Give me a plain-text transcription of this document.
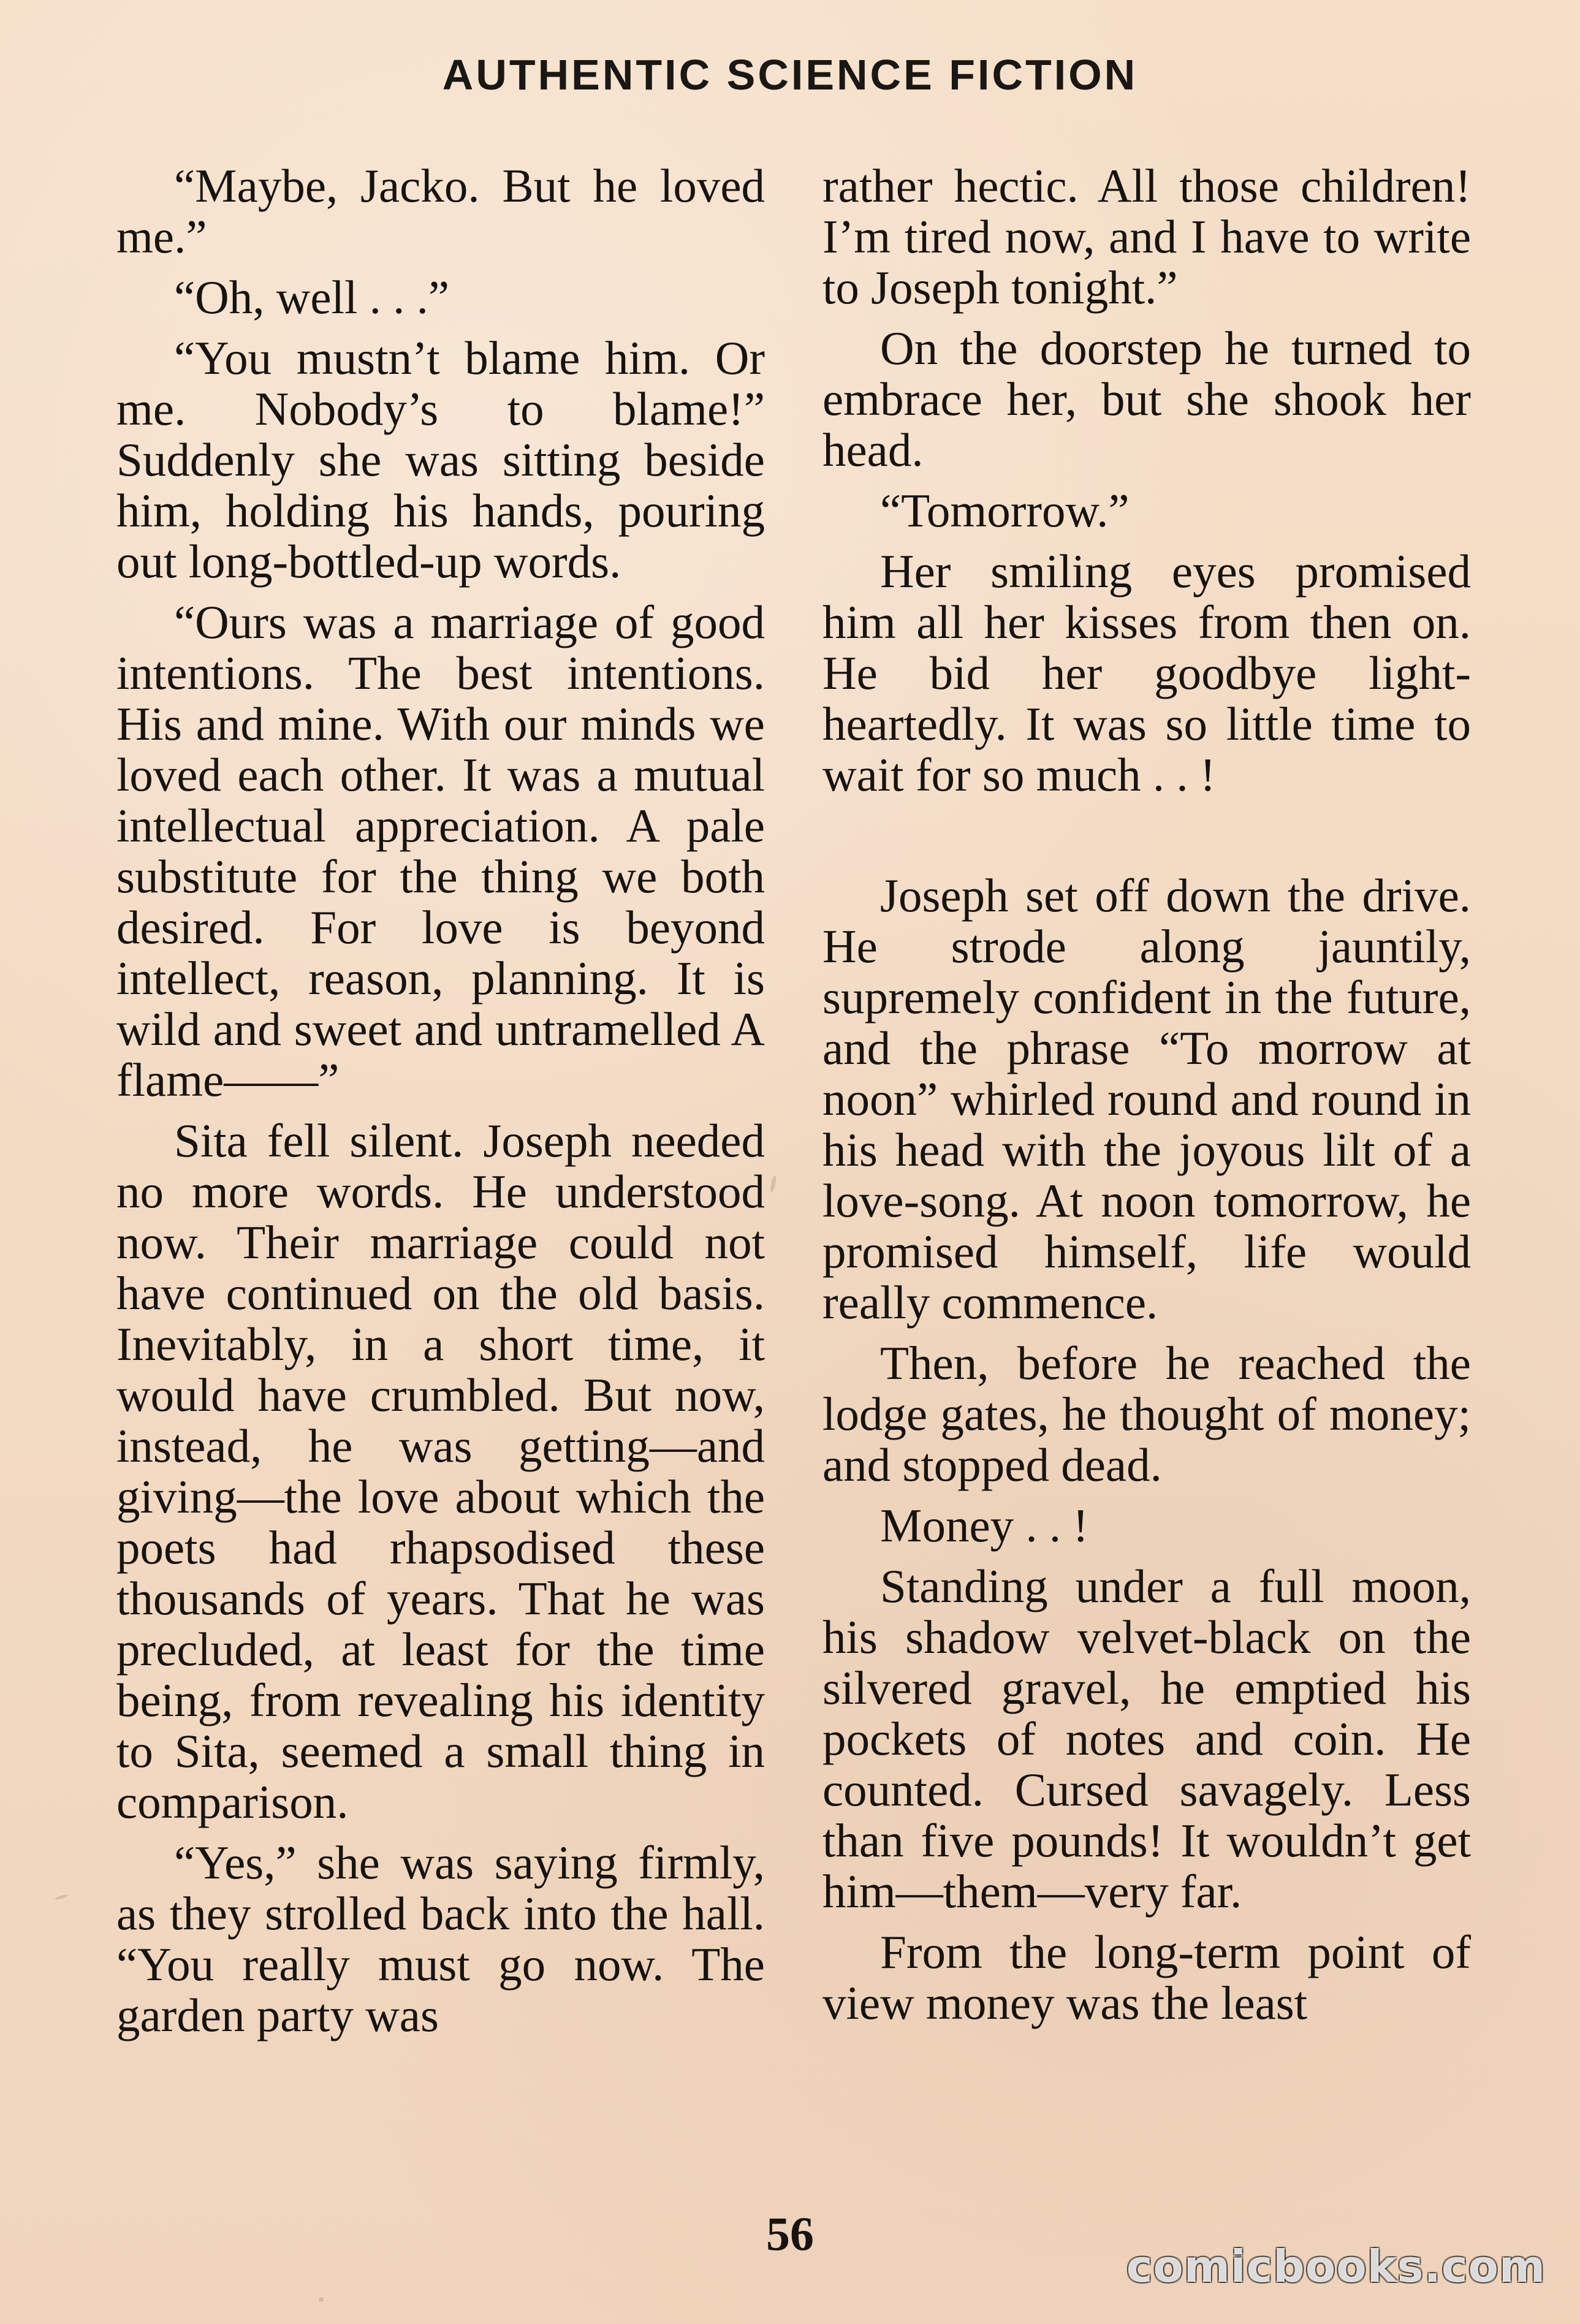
AUTHENTIC SCIENCE FICTION

“Maybe, Jacko. But he loved me.”

“Oh, well . . .”

“You mustn’t blame him. Or me. Nobody’s to blame!” Suddenly she was sitting beside him, holding his hands, pouring out long-bottled-up words.

“Ours was a marriage of good intentions. The best intentions. His and mine. With our minds we loved each other. It was a mutual intellectual appreciation. A pale substitute for the thing we both desired. For love is beyond intellect, reason, planning. It is wild and sweet and untramelled A flame——”

Sita fell silent. Joseph needed no more words. He understood now. Their marriage could not have continued on the old basis. Inevitably, in a short time, it would have crumbled. But now, instead, he was getting—and giving—the love about which the poets had rhapsodised these thousands of years. That he was precluded, at least for the time being, from revealing his identity to Sita, seemed a small thing in comparison.

“Yes,” she was saying firmly, as they strolled back into the hall. “You really must go now. The garden party was

rather hectic. All those children! I’m tired now, and I have to write to Joseph tonight.”

On the doorstep he turned to embrace her, but she shook her head.

“Tomorrow.”

Her smiling eyes promised him all her kisses from then on. He bid her goodbye light-heartedly. It was so little time to wait for so much . . !

Joseph set off down the drive. He strode along jauntily, supremely confident in the future, and the phrase “To morrow at noon” whirled round and round in his head with the joyous lilt of a love-song. At noon tomorrow, he promised himself, life would really commence.

Then, before he reached the lodge gates, he thought of money; and stopped dead.

Money . . !

Standing under a full moon, his shadow velvet-black on the silvered gravel, he emptied his pockets of notes and coin. He counted. Cursed savagely. Less than five pounds! It wouldn’t get him—them—very far.

From the long-term point of view money was the least

56
comicbooks.com
